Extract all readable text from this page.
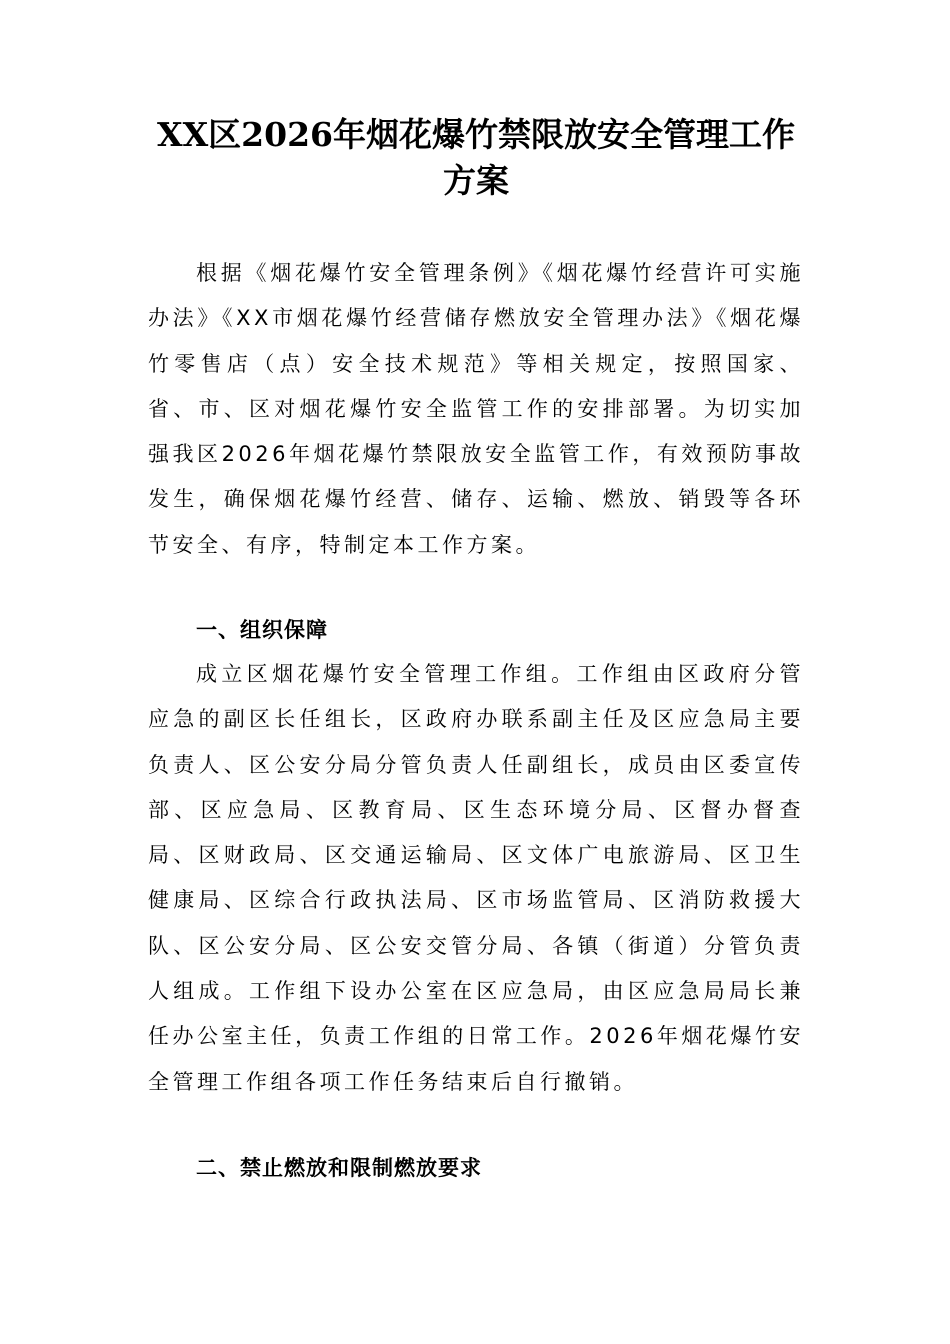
XX区2026年烟花爆竹禁限放安全管理工作方案

根据《烟花爆竹安全管理条例》《烟花爆竹经营许可实施办法》《XX市烟花爆竹经营储存燃放安全管理办法》《烟花爆竹零售店（点）安全技术规范》等相关规定，按照国家、省、市、区对烟花爆竹安全监管工作的安排部署。为切实加强我区2026年烟花爆竹禁限放安全监管工作，有效预防事故发生，确保烟花爆竹经营、储存、运输、燃放、销毁等各环节安全、有序，特制定本工作方案。

一、组织保障

成立区烟花爆竹安全管理工作组。工作组由区政府分管应急的副区长任组长，区政府办联系副主任及区应急局主要负责人、区公安分局分管负责人任副组长，成员由区委宣传部、区应急局、区教育局、区生态环境分局、区督办督查局、区财政局、区交通运输局、区文体广电旅游局、区卫生健康局、区综合行政执法局、区市场监管局、区消防救援大队、区公安分局、区公安交管分局、各镇（街道）分管负责人组成。工作组下设办公室在区应急局，由区应急局局长兼任办公室主任，负责工作组的日常工作。2026年烟花爆竹安全管理工作组各项工作任务结束后自行撤销。

二、禁止燃放和限制燃放要求
